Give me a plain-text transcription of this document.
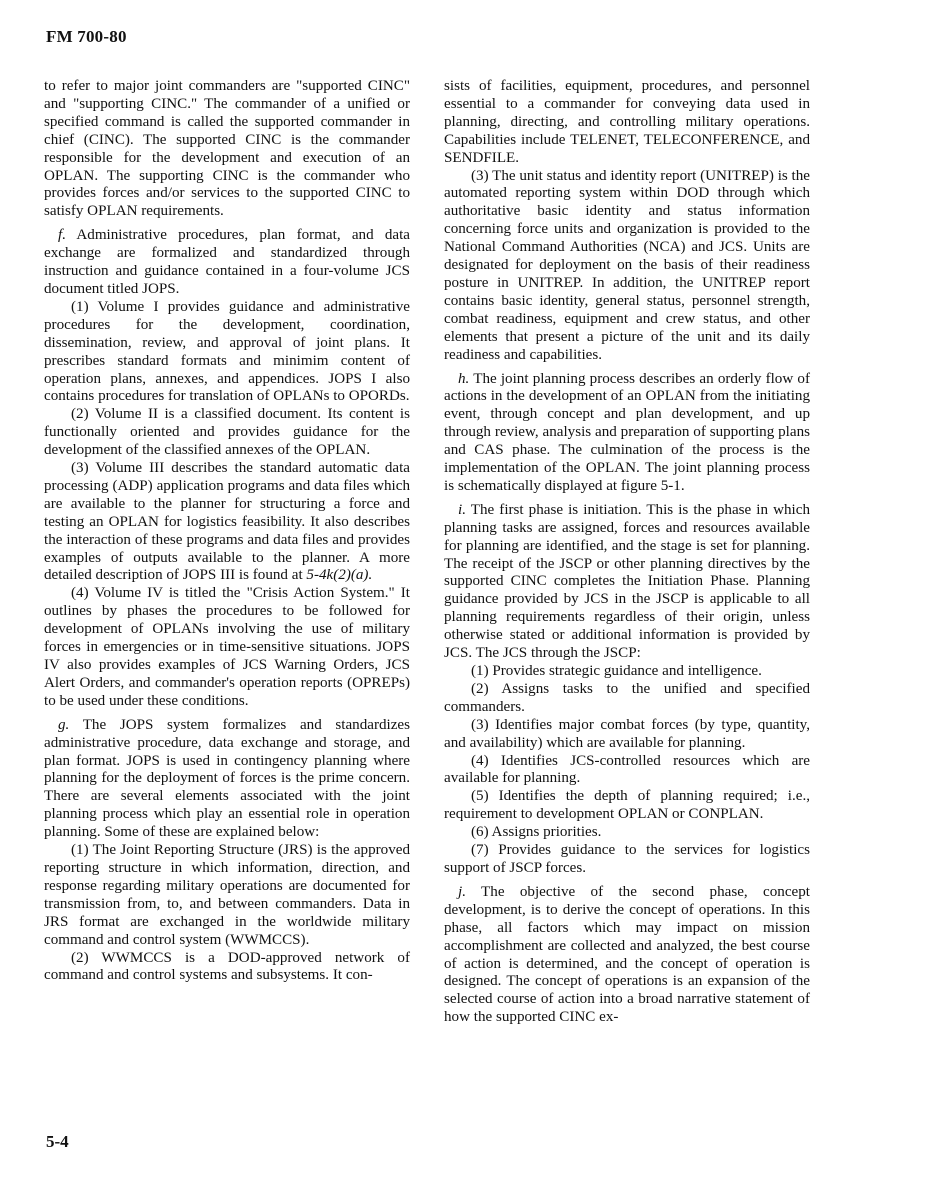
FM 700-80

to refer to major joint commanders are "supported CINC" and "supporting CINC." The commander of a unified or specified command is called the supported commander in chief (CINC). The supported CINC is the commander responsible for the development and execution of an OPLAN. The supporting CINC is the commander who provides forces and/or services to the supported CINC to satisfy OPLAN requirements.

f. Administrative procedures, plan format, and data exchange are formalized and standardized through instruction and guidance contained in a four-volume JCS document titled JOPS.

(1) Volume I provides guidance and administrative procedures for the development, coordination, dissemination, review, and approval of joint plans. It prescribes standard formats and minimim content of operation plans, annexes, and appendices. JOPS I also contains procedures for translation of OPLANs to OPORDs.

(2) Volume II is a classified document. Its content is functionally oriented and provides guidance for the development of the classified annexes of the OPLAN.

(3) Volume III describes the standard automatic data processing (ADP) application programs and data files which are available to the planner for structuring a force and testing an OPLAN for logistics feasibility. It also describes the interaction of these programs and data files and provides examples of outputs available to the planner. A more detailed description of JOPS III is found at 5-4k(2)(a).

(4) Volume IV is titled the "Crisis Action System." It outlines by phases the procedures to be followed for development of OPLANs involving the use of military forces in emergencies or in time-sensitive situations. JOPS IV also provides examples of JCS Warning Orders, JCS Alert Orders, and commander's operation reports (OPREPs) to be used under these conditions.

g. The JOPS system formalizes and standardizes administrative procedure, data exchange and storage, and plan format. JOPS is used in contingency planning where planning for the deployment of forces is the prime concern. There are several elements associated with the joint planning process which play an essential role in operation planning. Some of these are explained below:

(1) The Joint Reporting Structure (JRS) is the approved reporting structure in which information, direction, and response regarding military operations are documented for transmission from, to, and between commanders. Data in JRS format are exchanged in the worldwide military command and control system (WWMCCS).

(2) WWMCCS is a DOD-approved network of command and control systems and subsystems. It con-

sists of facilities, equipment, procedures, and personnel essential to a commander for conveying data used in planning, directing, and controlling military operations. Capabilities include TELENET, TELECONFERENCE, and SENDFILE.

(3) The unit status and identity report (UNITREP) is the automated reporting system within DOD through which authoritative basic identity and status information concerning force units and organization is provided to the National Command Authorities (NCA) and JCS. Units are designated for deployment on the basis of their readiness posture in UNITREP. In addition, the UNITREP report contains basic identity, general status, personnel strength, combat readiness, equipment and crew status, and other elements that present a picture of the unit and its daily readiness and capabilities.

h. The joint planning process describes an orderly flow of actions in the development of an OPLAN from the initiating event, through concept and plan development, and up through review, analysis and preparation of supporting plans and CAS phase. The culmination of the process is the implementation of the OPLAN. The joint planning process is schematically displayed at figure 5-1.

i. The first phase is initiation. This is the phase in which planning tasks are assigned, forces and resources available for planning are identified, and the stage is set for planning. The receipt of the JSCP or other planning directives by the supported CINC completes the Initiation Phase. Planning guidance provided by JCS in the JSCP is applicable to all planning requirements regardless of their origin, unless otherwise stated or additional information is provided by JCS. The JCS through the JSCP:

(1) Provides strategic guidance and intelligence.

(2) Assigns tasks to the unified and specified commanders.

(3) Identifies major combat forces (by type, quantity, and availability) which are available for planning.

(4) Identifies JCS-controlled resources which are available for planning.

(5) Identifies the depth of planning required; i.e., requirement to development OPLAN or CONPLAN.

(6) Assigns priorities.

(7) Provides guidance to the services for logistics support of JSCP forces.

j. The objective of the second phase, concept development, is to derive the concept of operations. In this phase, all factors which may impact on mission accomplishment are collected and analyzed, the best course of action is determined, and the concept of operation is designed. The concept of operations is an expansion of the selected course of action into a broad narrative statement of how the supported CINC ex-

5-4
